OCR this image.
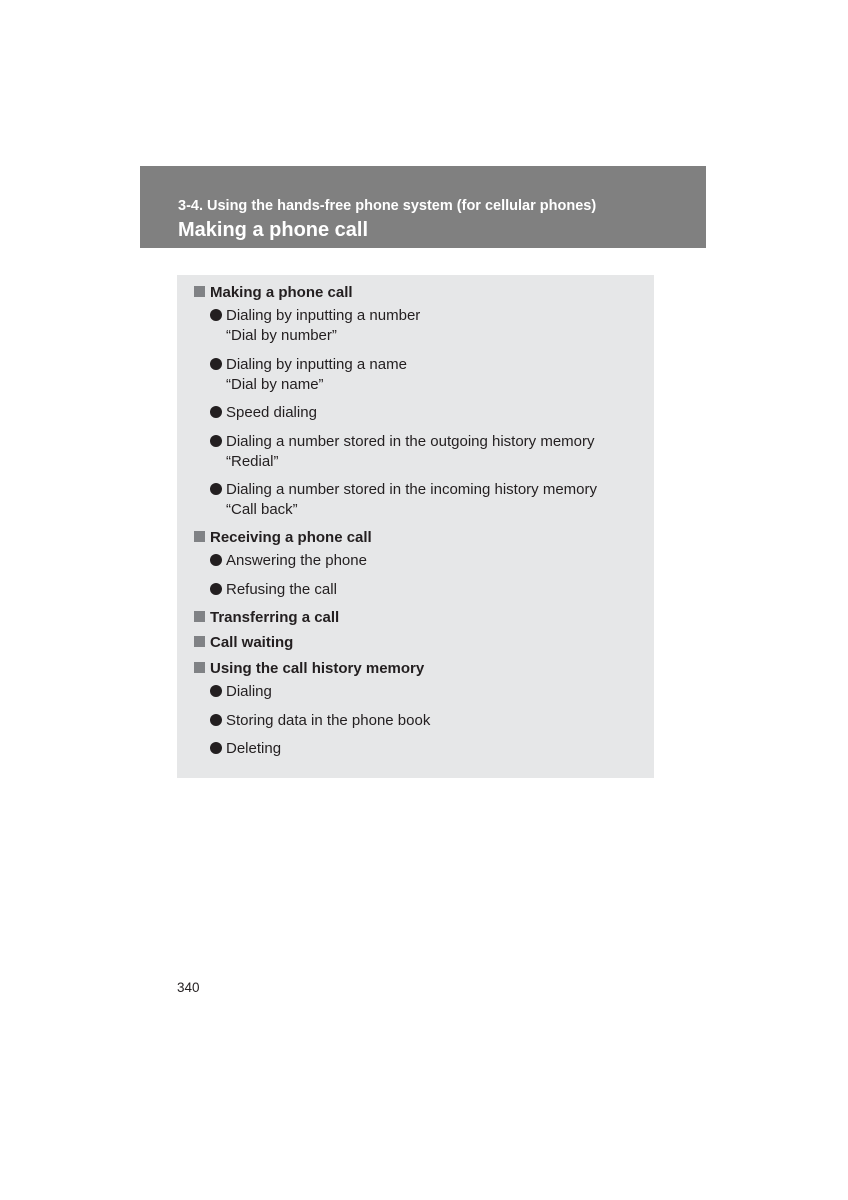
3-4. Using the hands-free phone system (for cellular phones)

Making a phone call
Making a phone call
Dialing by inputting a number
“Dial by number”
Dialing by inputting a name
“Dial by name”
Speed dialing
Dialing a number stored in the outgoing history memory
“Redial”
Dialing a number stored in the incoming history memory
“Call back”
Receiving a phone call
Answering the phone
Refusing the call
Transferring a call
Call waiting
Using the call history memory
Dialing
Storing data in the phone book
Deleting
340
